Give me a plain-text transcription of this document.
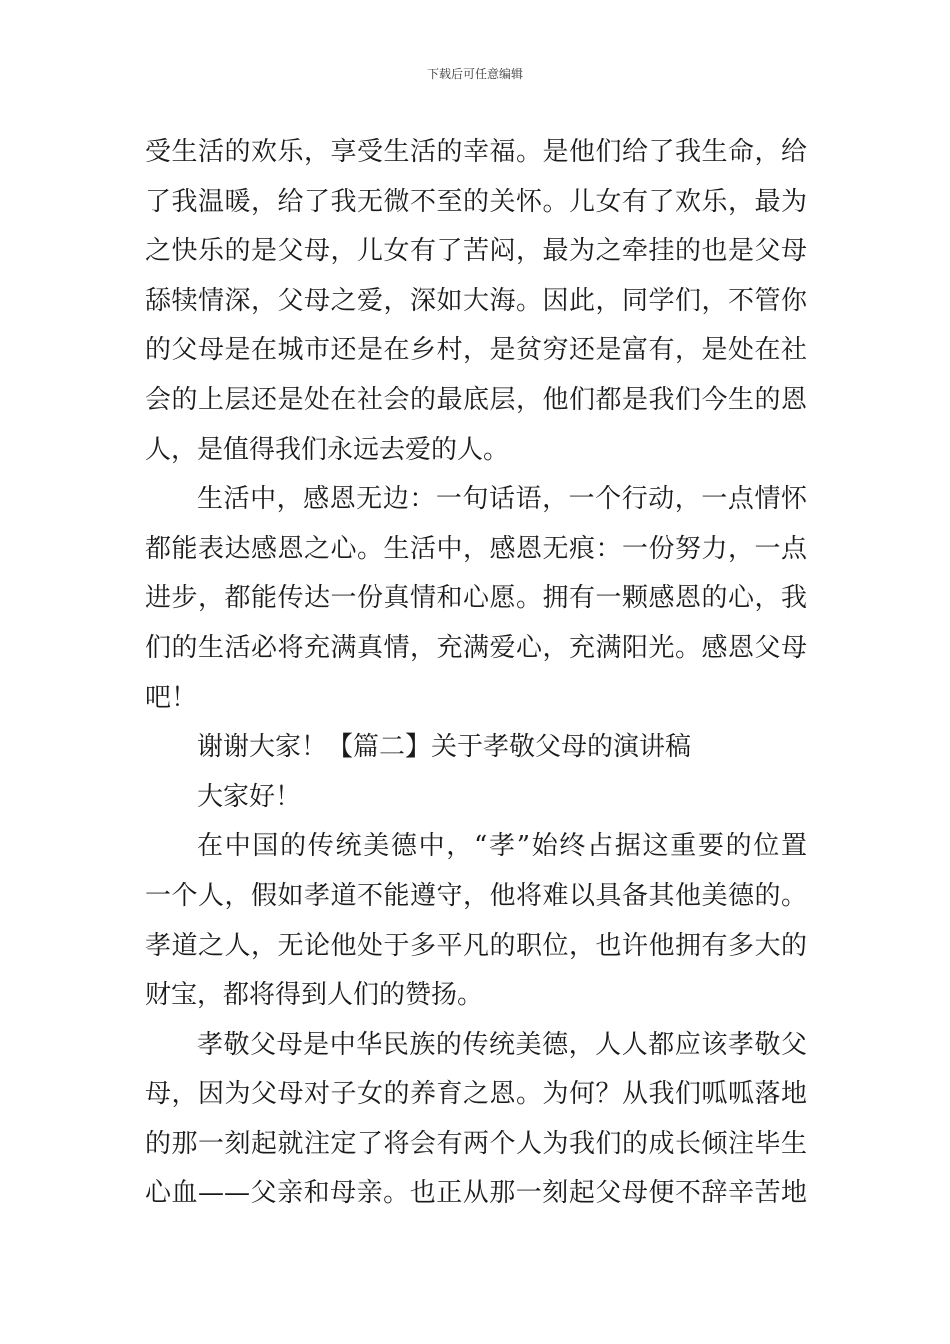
下载后可任意编辑
受生活的欢乐，享受生活的幸福。是他们给了我生命，给
了我温暖，给了我无微不至的关怀。儿女有了欢乐，最为
之快乐的是父母，儿女有了苦闷，最为之牵挂的也是父母
舔犊情深，父母之爱，深如大海。因此，同学们，不管你
的父母是在城市还是在乡村，是贫穷还是富有，是处在社
会的上层还是处在社会的最底层，他们都是我们今生的恩
人，是值得我们永远去爱的人。
生活中，感恩无边：一句话语，一个行动，一点情怀
都能表达感恩之心。生活中，感恩无痕：一份努力，一点
进步，都能传达一份真情和心愿。拥有一颗感恩的心，我
们的生活必将充满真情，充满爱心，充满阳光。感恩父母
吧！
谢谢大家！【篇二】关于孝敬父母的演讲稿
大家好！
在中国的传统美德中，“孝”始终占据这重要的位置
一个人，假如孝道不能遵守，他将难以具备其他美德的。
孝道之人，无论他处于多平凡的职位，也许他拥有多大的
财宝，都将得到人们的赞扬。
孝敬父母是中华民族的传统美德，人人都应该孝敬父
母，因为父母对子女的养育之恩。为何？从我们呱呱落地
的那一刻起就注定了将会有两个人为我们的成长倾注毕生
心血——父亲和母亲。也正从那一刻起父母便不辞辛苦地
